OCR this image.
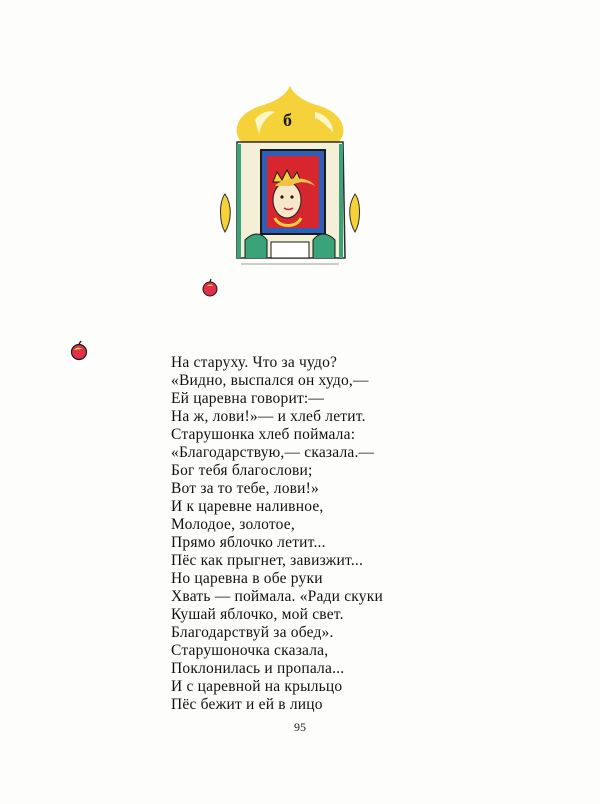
б
На старуху. Что за чудо?
«Видно, выспался он худо,—
Ей царевна говорит:—
На ж, лови!»— и хлеб летит.
Старушонка хлеб поймала:
«Благодарствую,— сказала.—
Бог тебя благослови;
Вот за то тебе, лови!»
И к царевне наливное,
Молодое, золотое,
Прямо яблочко летит...
Пёс как прыгнет, завизжит...
Но царевна в обе руки
Хвать — поймала. «Ради скуки
Кушай яблочко, мой свет.
Благодарствуй за обед».
Старушоночка сказала,
Поклонилась и пропала...
И с царевной на крыльцо
Пёс бежит и ей в лицо
95
